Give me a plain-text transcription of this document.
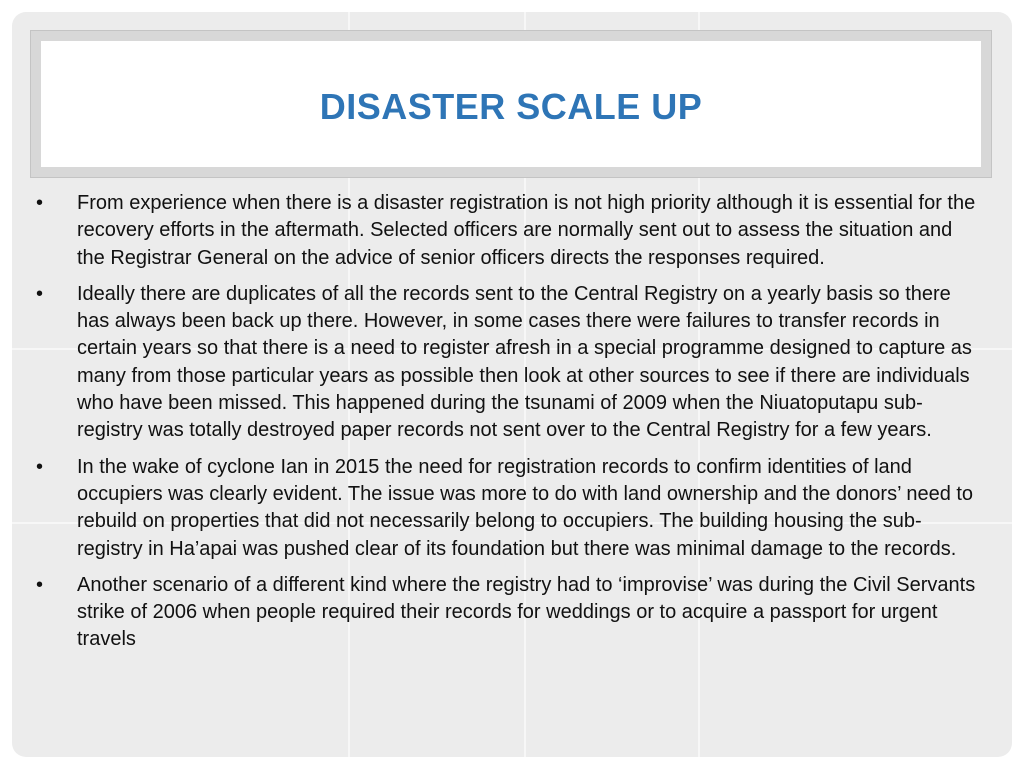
DISASTER SCALE UP
• From experience when there is a disaster registration is not high priority although it is essential for the recovery efforts in the aftermath. Selected officers are normally sent out to assess the situation and the Registrar General on the advice of senior officers directs the responses required.
• Ideally there are duplicates of all the records sent to the Central Registry on a yearly basis so there has always been back up there. However, in some cases there were failures to transfer records in certain years so that there is a need to register afresh in a special programme designed to capture as many from those particular years as possible then look at other sources to see if there are individuals who have been missed. This happened during the tsunami of 2009 when the Niuatoputapu sub-registry was totally destroyed paper records not sent over to the Central Registry for a few years.
• In the wake of cyclone Ian in 2015 the need for registration records to confirm identities of land occupiers was clearly evident. The issue was more to do with land ownership and the donors’ need to rebuild on properties that did not necessarily belong to occupiers. The building housing the sub-registry in Ha’apai was pushed clear of its foundation but there was minimal damage to the records.
• Another scenario of a different kind where the registry had to ‘improvise’ was during the Civil Servants strike of 2006 when people required their records for weddings or to acquire a passport for urgent travels
